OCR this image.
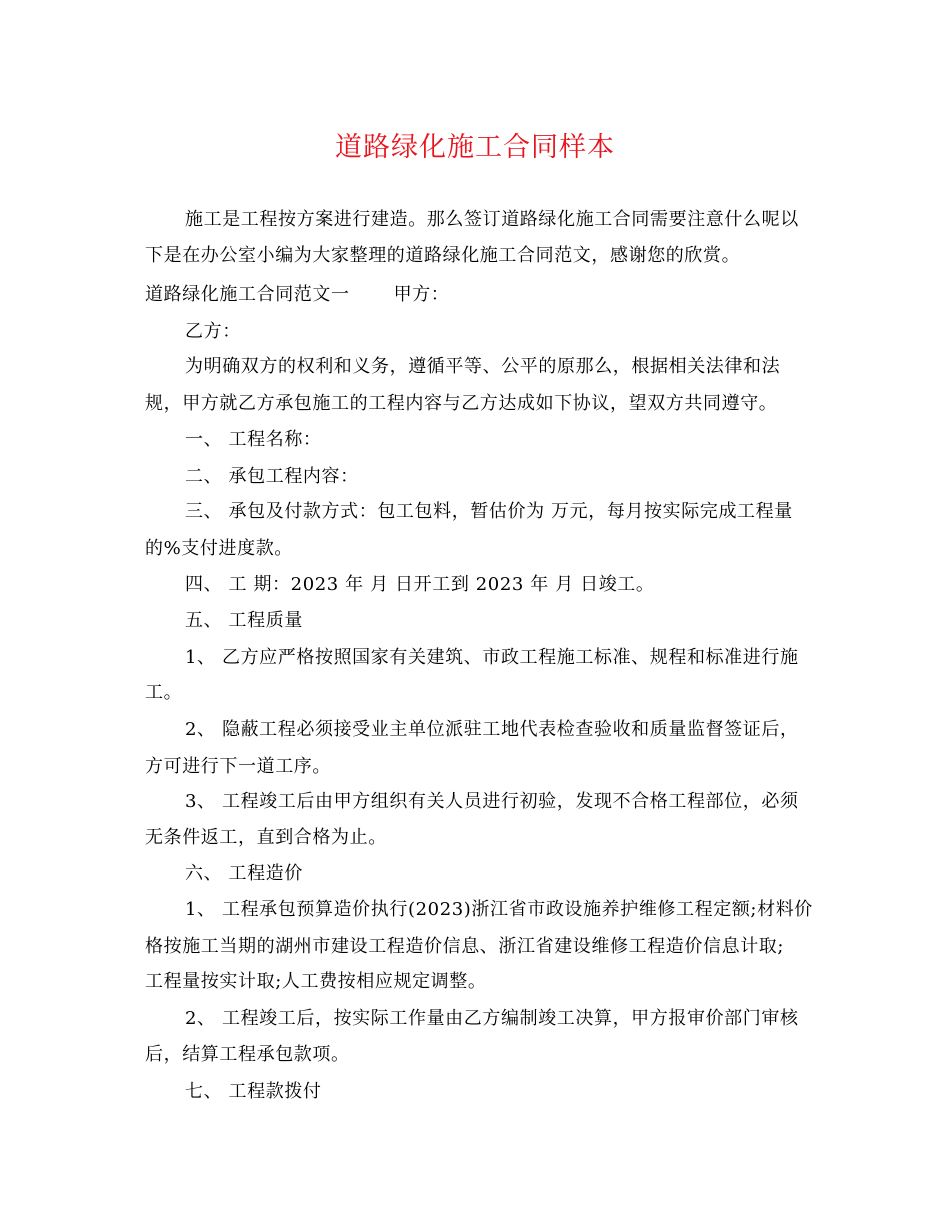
道路绿化施工合同样本
施工是工程按方案进行建造。那么签订道路绿化施工合同需要注意什么呢以
下是在办公室小编为大家整理的道路绿化施工合同范文，感谢您的欣赏。
道路绿化施工合同范文一 甲方：
乙方：
为明确双方的权利和义务，遵循平等、公平的原那么，根据相关法律和法
规，甲方就乙方承包施工的工程内容与乙方达成如下协议，望双方共同遵守。
一、 工程名称：
二、 承包工程内容：
三、 承包及付款方式：包工包料，暂估价为 万元，每月按实际完成工程量
的%支付进度款。
四、 工 期：2023 年 月 日开工到 2023 年 月 日竣工。
五、 工程质量
1、 乙方应严格按照国家有关建筑、市政工程施工标准、规程和标准进行施
工。
2、 隐蔽工程必须接受业主单位派驻工地代表检查验收和质量监督签证后，
方可进行下一道工序。
3、 工程竣工后由甲方组织有关人员进行初验，发现不合格工程部位，必须
无条件返工，直到合格为止。
六、 工程造价
1、 工程承包预算造价执行(2023)浙江省市政设施养护维修工程定额;材料价
格按施工当期的湖州市建设工程造价信息、浙江省建设维修工程造价信息计取;
工程量按实计取;人工费按相应规定调整。
2、 工程竣工后，按实际工作量由乙方编制竣工决算，甲方报审价部门审核
后，结算工程承包款项。
七、 工程款拨付
